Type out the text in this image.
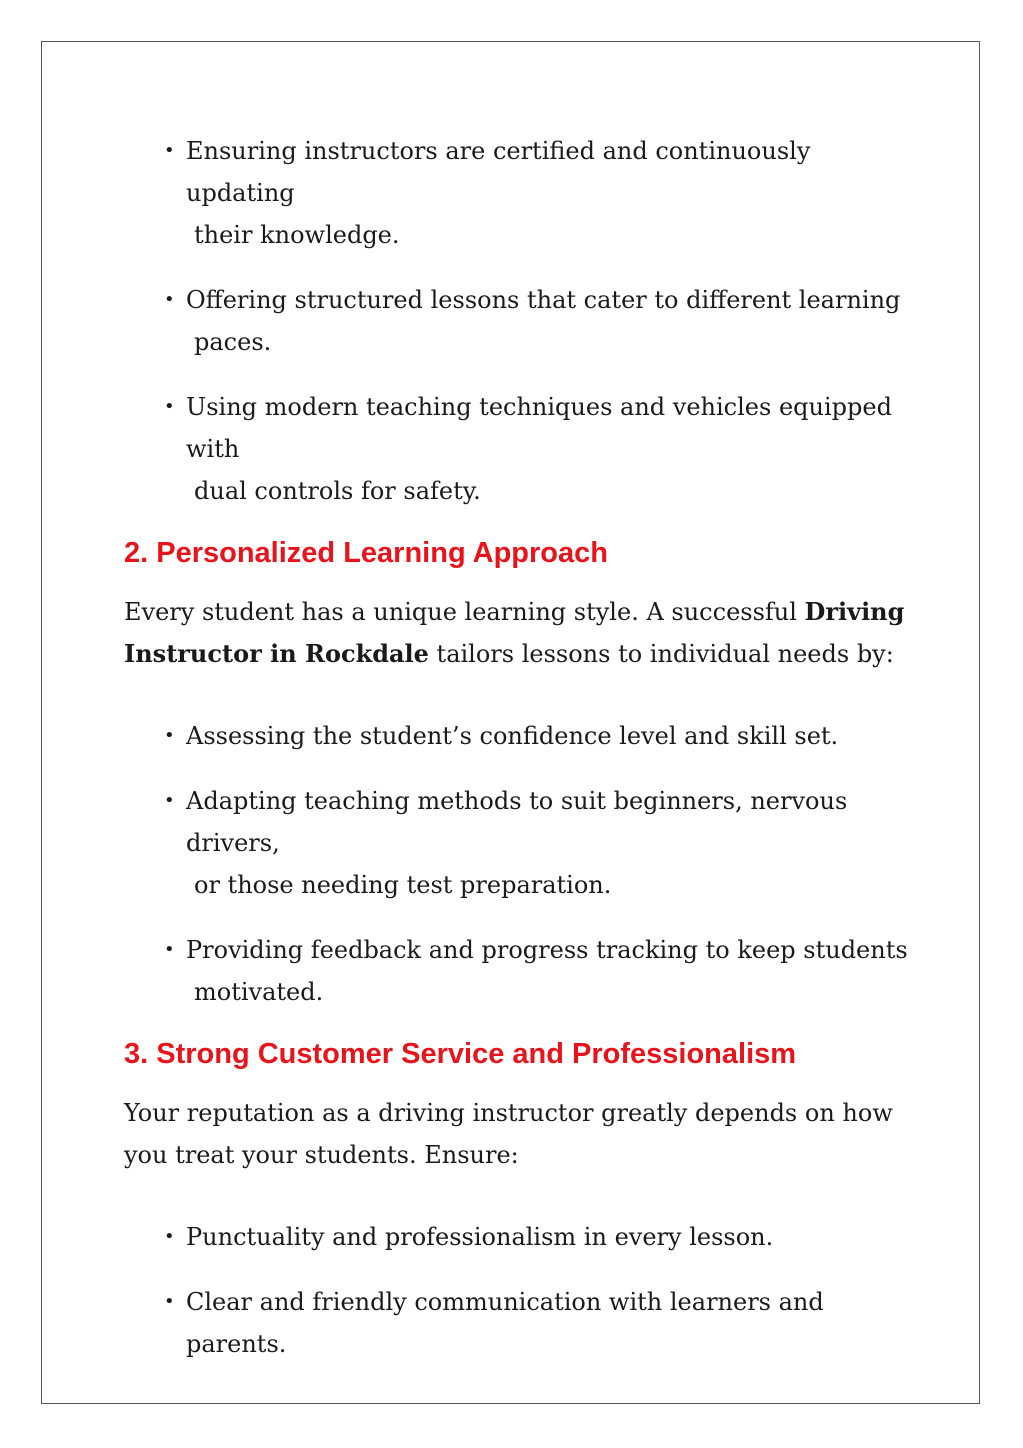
• Ensuring instructors are certified and continuously updating
their knowledge.
• Offering structured lessons that cater to different learning
paces.
• Using modern teaching techniques and vehicles equipped with
dual controls for safety.
2. Personalized Learning Approach

Every student has a unique learning style. A successful Driving Instructor in Rockdale tailors lessons to individual needs by:

• Assessing the student’s confidence level and skill set.
• Adapting teaching methods to suit beginners, nervous drivers,
or those needing test preparation.
• Providing feedback and progress tracking to keep students
motivated.
3. Strong Customer Service and Professionalism

Your reputation as a driving instructor greatly depends on how you treat your students. Ensure:

• Punctuality and professionalism in every lesson.
• Clear and friendly communication with learners and parents.
